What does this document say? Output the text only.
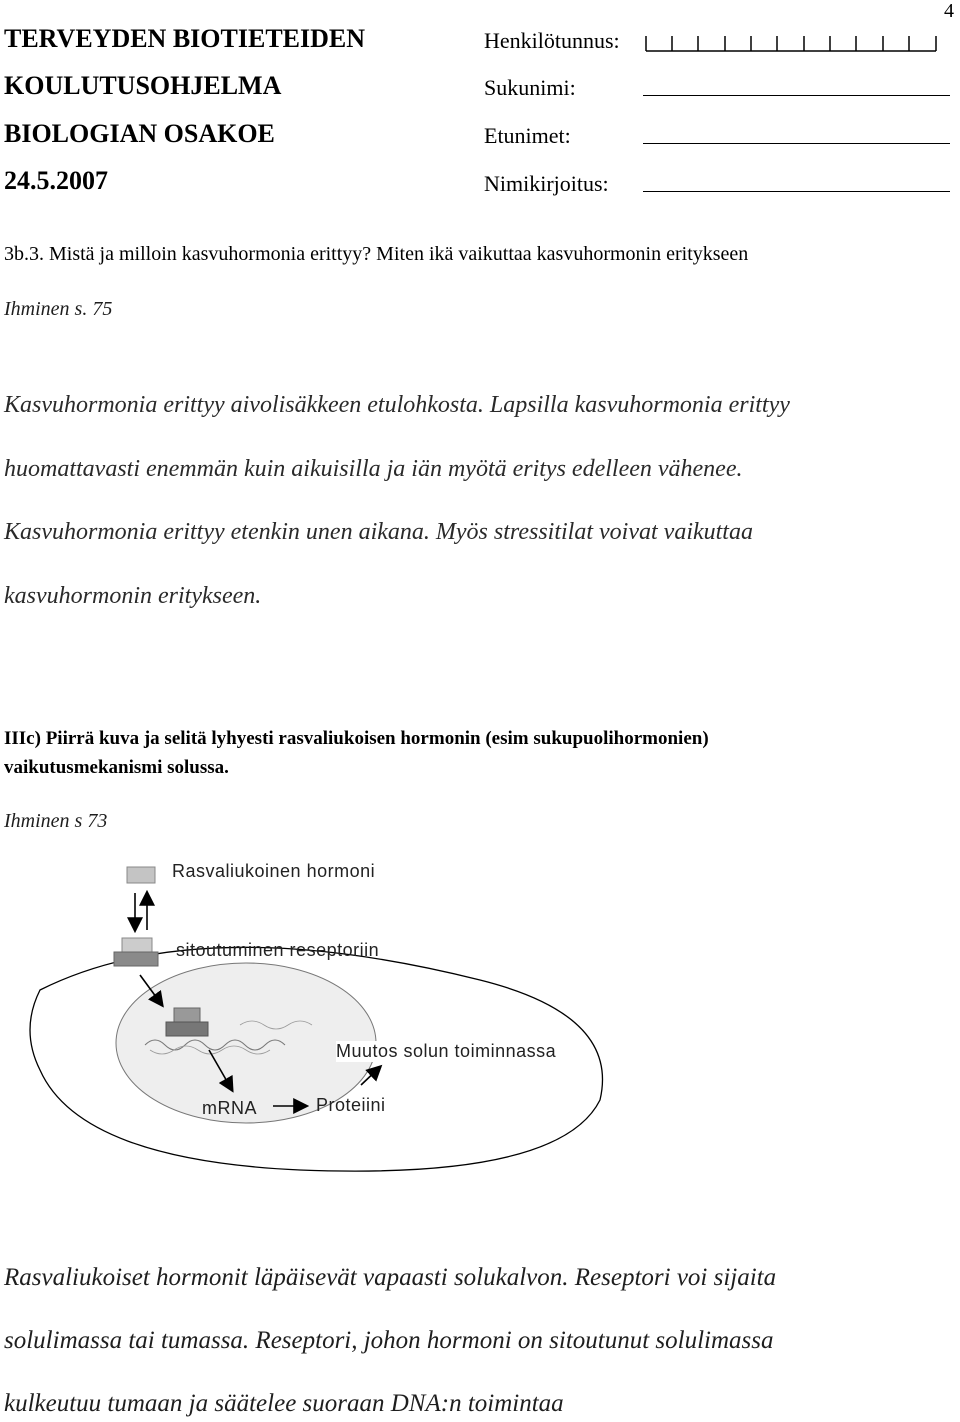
4
TERVEYDEN BIOTIETEIDEN
KOULUTUSOHJELMA
BIOLOGIAN OSAKOE
24.5.2007
Henkilötunnus:
Sukunimi:
Etunimet:
Nimikirjoitus:
3b.3. Mistä ja milloin kasvuhormonia erittyy? Miten ikä vaikuttaa kasvuhormonin eritykseen
Ihminen s. 75
Kasvuhormonia erittyy aivolisäkkeen etulohkosta. Lapsilla kasvuhormonia erittyy
huomattavasti enemmän kuin aikuisilla ja iän myötä eritys edelleen vähenee.
Kasvuhormonia erittyy etenkin unen aikana. Myös stressitilat voivat vaikuttaa
kasvuhormonin eritykseen.
IIIc) Piirrä kuva ja selitä lyhyesti rasvaliukoisen hormonin (esim sukupuolihormonien)
vaikutusmekanismi solussa.
Ihminen s 73
Rasvaliukoinen hormoni
sitoutuminen reseptoriin
Muutos solun toiminnassa
mRNA	Proteiini
Rasvaliukoiset hormonit läpäisevät vapaasti solukalvon. Reseptori voi sijaita
solulimassa tai tumassa. Reseptori, johon hormoni on sitoutunut solulimassa
kulkeutuu tumaan ja säätelee suoraan DNA:n toimintaa
